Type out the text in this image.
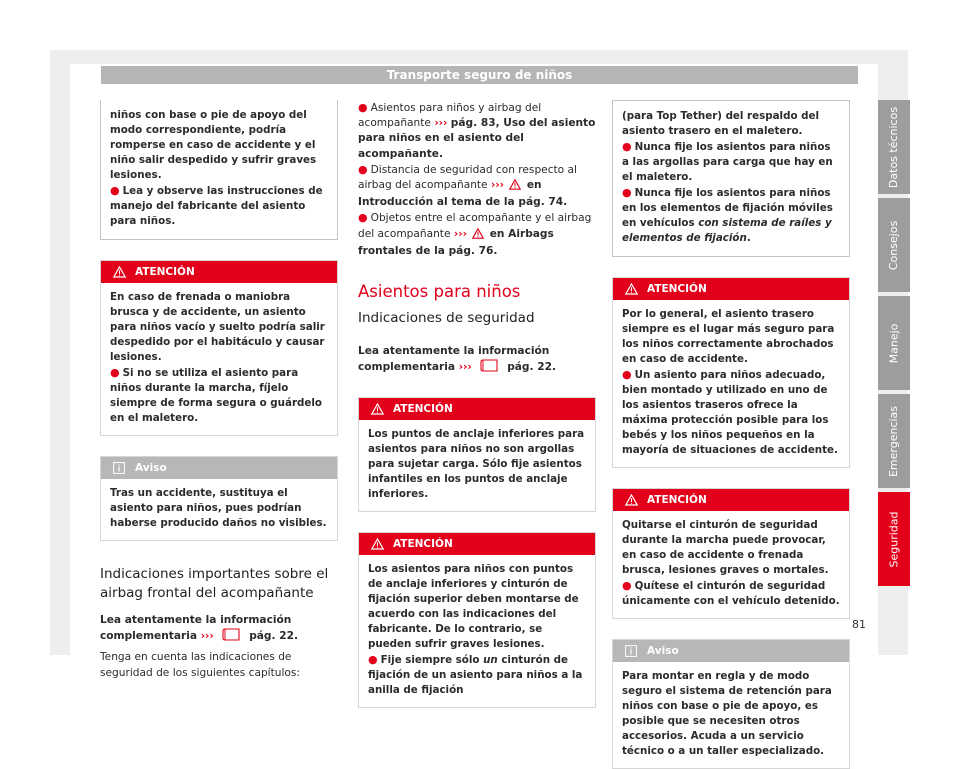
Transporte seguro de niños
niños con base o pie de apoyo del modo correspondiente, podría romperse en caso de accidente y el niño salir despedido y sufrir graves lesiones.
● Lea y observe las instrucciones de manejo del fabricante del asiento para niños.
ATENCIÓN
En caso de frenada o maniobra brusca y de accidente, un asiento para niños vacío y suelto podría salir despedido por el habitáculo y causar lesiones.
● Si no se utiliza el asiento para niños durante la marcha, fíjelo siempre de forma segura o guárdelo en el maletero.
Aviso
Tras un accidente, sustituya el asiento para niños, pues podrían haberse producido daños no visibles.
Indicaciones importantes sobre el airbag frontal del acompañante
Lea atentamente la información complementaria ›››	pág. 22.
Tenga en cuenta las indicaciones de seguridad de los siguientes capítulos:
● Asientos para niños y airbag del acompañante ››› pág. 83, Uso del asiento para niños en el asiento del acompañante.
● Distancia de seguridad con respecto al airbag del acompañante ››› en Introducción al tema de la pág. 74.
● Objetos entre el acompañante y el airbag del acompañante ››› en Airbags frontales de la pág. 76.
Asientos para niños
Indicaciones de seguridad
Lea atentamente la información complementaria ›››	pág. 22.
ATENCIÓN
Los puntos de anclaje inferiores para asientos para niños no son argollas para sujetar carga. Sólo fije asientos infantiles en los puntos de anclaje inferiores.
ATENCIÓN
Los asientos para niños con puntos de anclaje inferiores y cinturón de fijación superior deben montarse de acuerdo con las indicaciones del fabricante. De lo contrario, se pueden sufrir graves lesiones.
● Fije siempre sólo un cinturón de fijación de un asiento para niños a la anilla de fijación
(para Top Tether) del respaldo del asiento trasero en el maletero.
● Nunca fije los asientos para niños a las argollas para carga que hay en el maletero.
● Nunca fije los asientos para niños en los elementos de fijación móviles en vehículos con sistema de raíles y elementos de fijación.
ATENCIÓN
Por lo general, el asiento trasero siempre es el lugar más seguro para los niños correctamente abrochados en caso de accidente.
● Un asiento para niños adecuado, bien montado y utilizado en uno de los asientos traseros ofrece la máxima protección posible para los bebés y los niños pequeños en la mayoría de situaciones de accidente.
ATENCIÓN
Quitarse el cinturón de seguridad durante la marcha puede provocar, en caso de accidente o frenada brusca, lesiones graves o mortales.
● Quítese el cinturón de seguridad únicamente con el vehículo detenido.
Aviso
Para montar en regla y de modo seguro el sistema de retención para niños con base o pie de apoyo, es posible que se necesiten otros accesorios. Acuda a un servicio técnico o a un taller especializado.
Datos técnicos
Consejos
Manejo
Emergencias
Seguridad
81
